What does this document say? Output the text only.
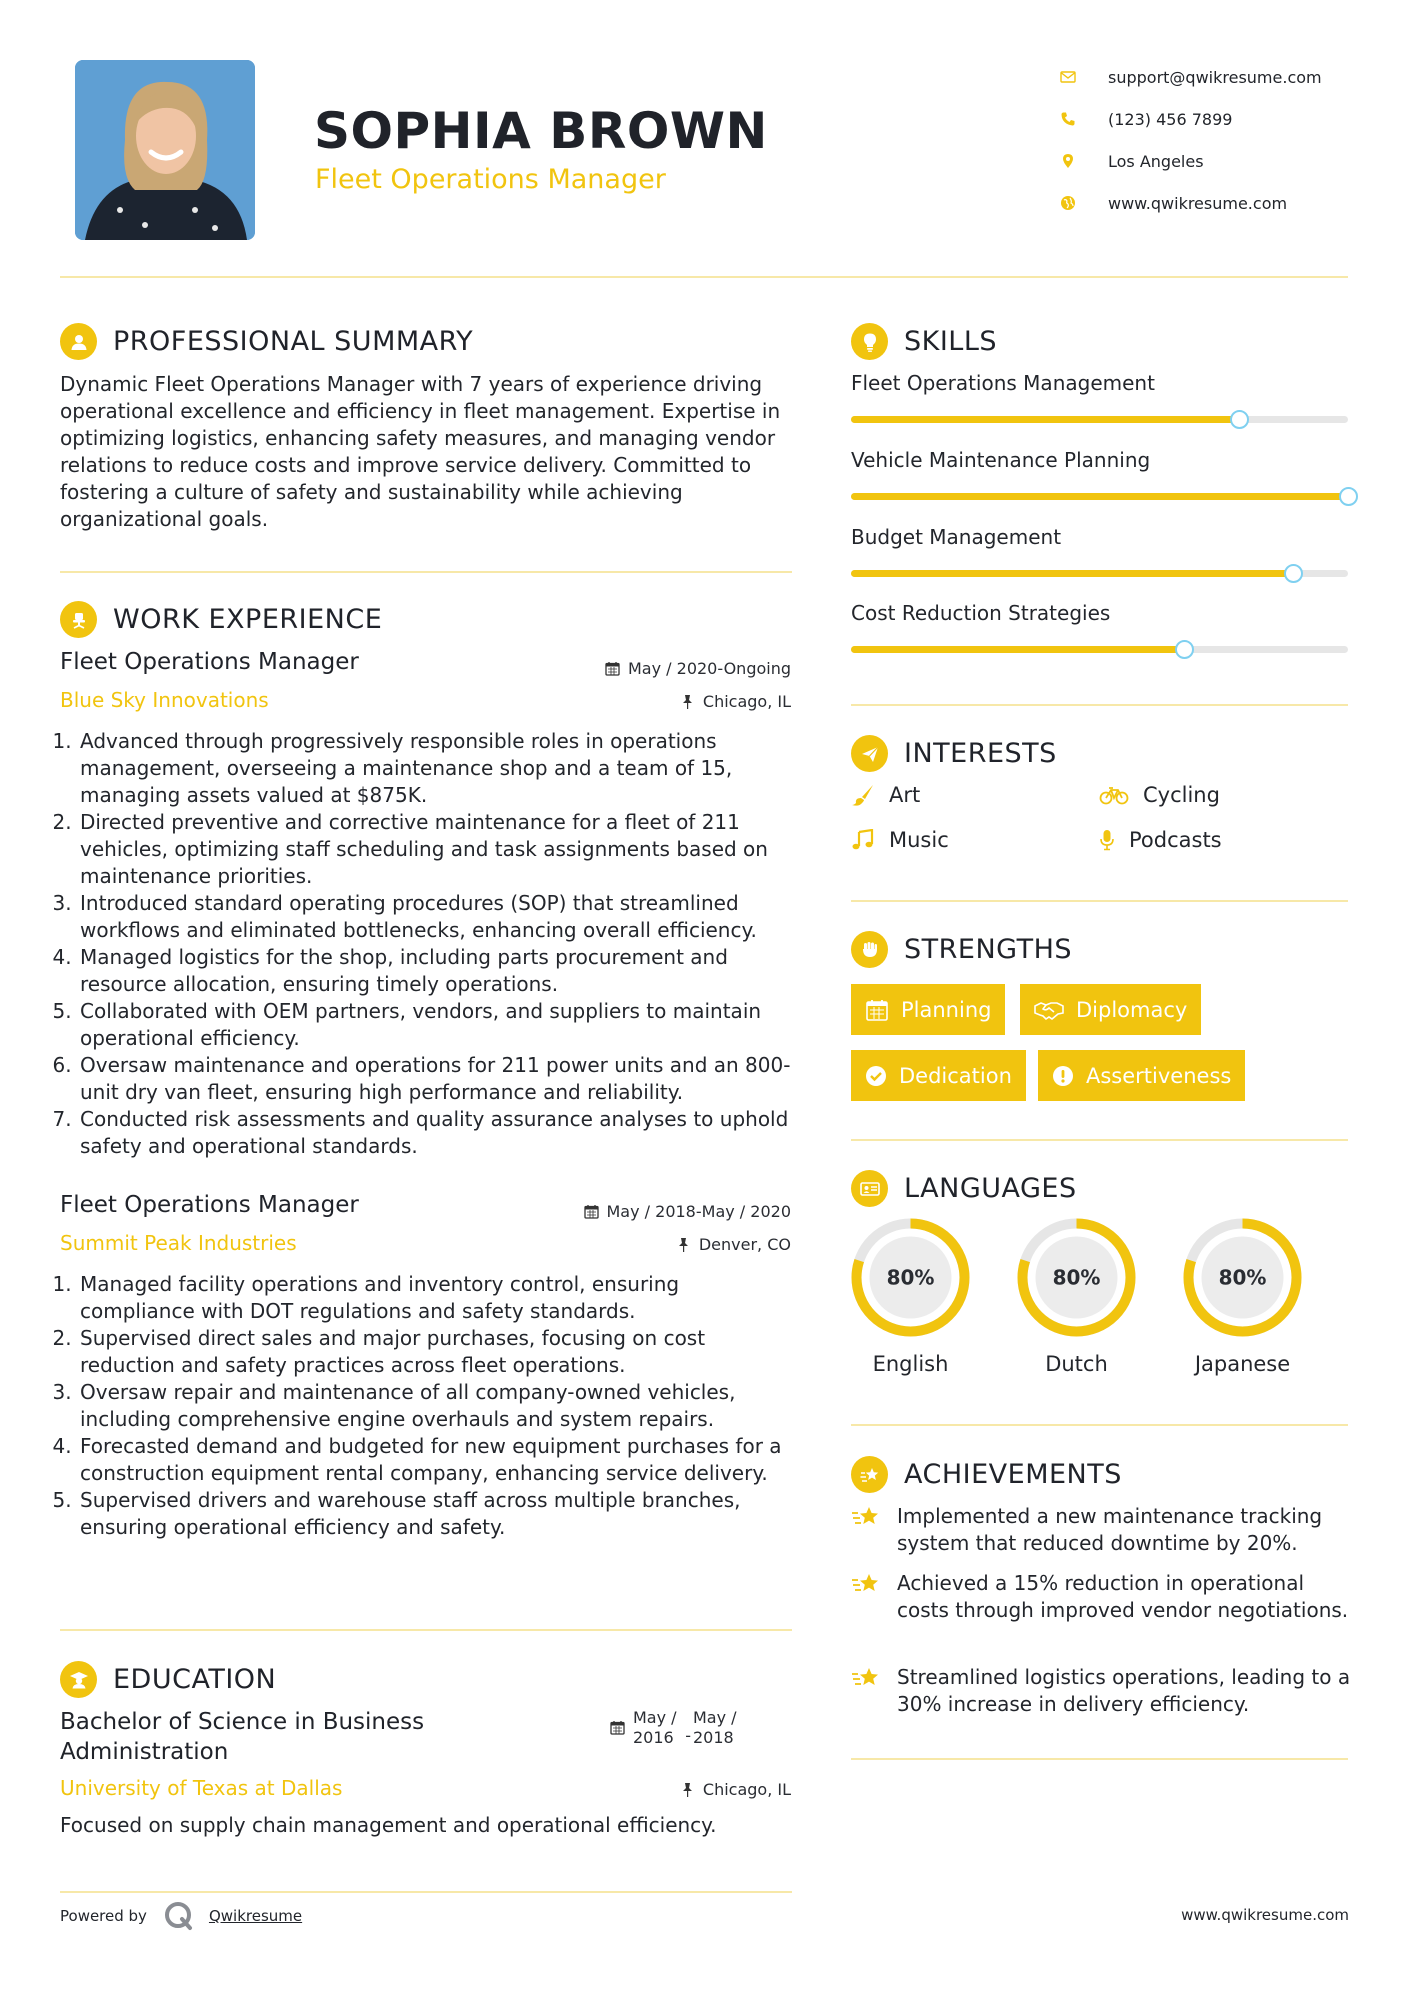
SOPHIA BROWN
Fleet Operations Manager
support@qwikresume.com
(123) 456 7899
Los Angeles
www.qwikresume.com
PROFESSIONAL SUMMARY
Dynamic Fleet Operations Manager with 7 years of experience driving operational excellence and efficiency in fleet management. Expertise in optimizing logistics, enhancing safety measures, and managing vendor relations to reduce costs and improve service delivery. Committed to fostering a culture of safety and sustainability while achieving organizational goals.
WORK EXPERIENCE
Fleet Operations Manager	May / 2020-Ongoing
Blue Sky Innovations	Chicago, IL
1. Advanced through progressively responsible roles in operations management, overseeing a maintenance shop and a team of 15, managing assets valued at $875K.
2. Directed preventive and corrective maintenance for a fleet of 211 vehicles, optimizing staff scheduling and task assignments based on maintenance priorities.
3. Introduced standard operating procedures (SOP) that streamlined workflows and eliminated bottlenecks, enhancing overall efficiency.
4. Managed logistics for the shop, including parts procurement and resource allocation, ensuring timely operations.
5. Collaborated with OEM partners, vendors, and suppliers to maintain operational efficiency.
6. Oversaw maintenance and operations for 211 power units and an 800-unit dry van fleet, ensuring high performance and reliability.
7. Conducted risk assessments and quality assurance analyses to uphold safety and operational standards.
Fleet Operations Manager	May / 2018-May / 2020
Summit Peak Industries	Denver, CO
1. Managed facility operations and inventory control, ensuring compliance with DOT regulations and safety standards.
2. Supervised direct sales and major purchases, focusing on cost reduction and safety practices across fleet operations.
3. Oversaw repair and maintenance of all company-owned vehicles, including comprehensive engine overhauls and system repairs.
4. Forecasted demand and budgeted for new equipment purchases for a construction equipment rental company, enhancing service delivery.
5. Supervised drivers and warehouse staff across multiple branches, ensuring operational efficiency and safety.
EDUCATION
Bachelor of Science in Business Administration
May / 2016 -
May / 2018
University of Texas at Dallas	Chicago, IL
Focused on supply chain management and operational efficiency.
SKILLS
Fleet Operations Management
Vehicle Maintenance Planning
Budget Management
Cost Reduction Strategies
INTERESTS
Art	Cycling
Music	Podcasts
STRENGTHS
Planning	Diplomacy
Dedication	Assertiveness
LANGUAGES
80%
English
80%
Dutch
80%
Japanese
ACHIEVEMENTS
Implemented a new maintenance tracking system that reduced downtime by 20%.
Achieved a 15% reduction in operational costs through improved vendor negotiations.
Streamlined logistics operations, leading to a 30% increase in delivery efficiency.
Powered by	Qwikresume	www.qwikresume.com
